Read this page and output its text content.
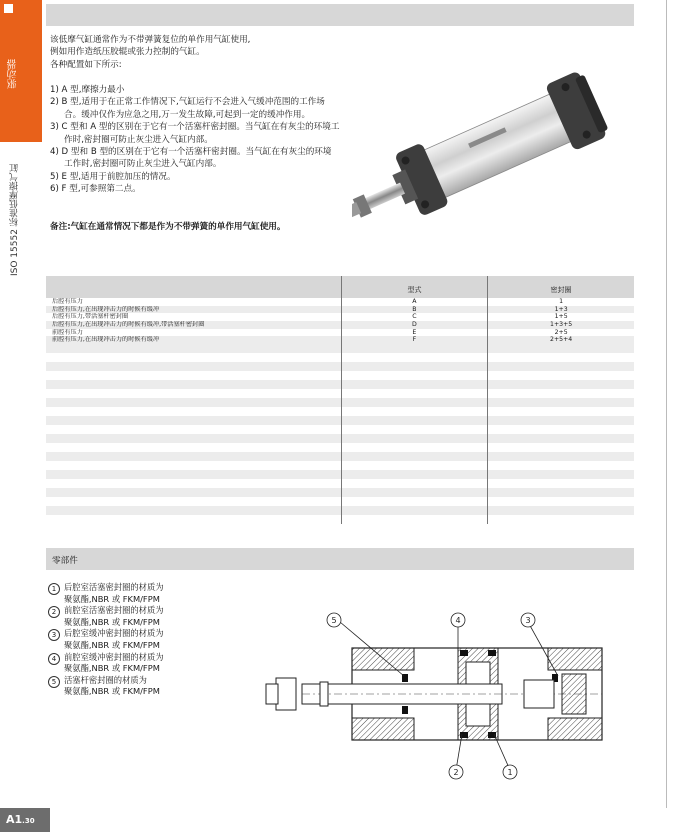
驱动器
ISO 15552 标准低摩擦气缸
A1.30

该低摩气缸通常作为不带弹簧复位的单作用气缸使用,

例如用作造纸压胶辊或张力控制的气缸。

各种配置如下所示:

1) A 型,摩擦力最小
2) B 型,适用于在正常工作情况下,气缸运行不会进入气缓冲范围的工作场合。缓冲仅作为应急之用,万一发生故障,可起到一定的缓冲作用。
3) C 型和 A 型的区别在于它有一个活塞杆密封圈。当气缸在有灰尘的环境工作时,密封圈可防止灰尘进入气缸内部。
4) D 型和 B 型的区别在于它有一个活塞杆密封圈。当气缸在有灰尘的环境工作时,密封圈可防止灰尘进入气缸内部。
5) E 型,适用于前腔加压的情况。
6) F 型,可参照第二点。
备注:气缸在通常情况下都是作为不带弹簧的单作用气缸使用。
型式	密封圈
后腔有压力	A	1
后腔有压力,在出现冲击力的时候有缓冲	B	1+3
后腔有压力,带活塞杆密封圈	C	1+5
后腔有压力,在出现冲击力的时候有缓冲,带活塞杆密封圈	D	1+3+5
前腔有压力	E	2+5
前腔有压力,在出现冲击力的时候有缓冲	F	2+5+4
零部件
1 后腔室活塞密封圈的材质为
聚氨酯,NBR 或 FKM/FPM
2 前腔室活塞密封圈的材质为
聚氨酯,NBR 或 FKM/FPM
3 后腔室缓冲密封圈的材质为
聚氨酯,NBR 或 FKM/FPM
4 前腔室缓冲密封圈的材质为
聚氨酯,NBR 或 FKM/FPM
5 活塞杆密封圈的材质为
聚氨酯,NBR 或 FKM/FPM
5	4	3
2	1
